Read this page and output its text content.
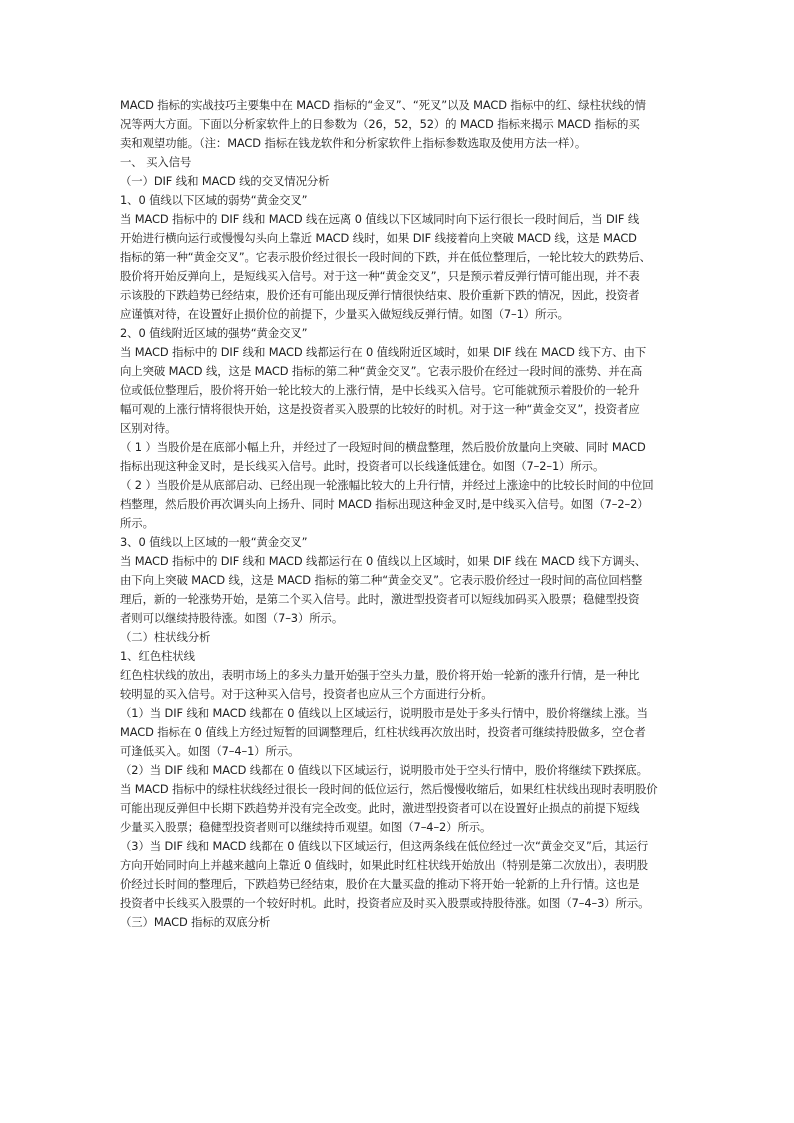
MACD 指标的实战技巧主要集中在 MACD 指标的“金叉”、“死叉”以及 MACD 指标中的红、绿柱状线的情
况等两大方面。下面以分析家软件上的日参数为（26，52，52）的 MACD 指标来揭示 MACD 指标的买
卖和观望功能。（注：MACD 指标在钱龙软件和分析家软件上指标参数选取及使用方法一样）。
一、 买入信号
（一）DIF 线和 MACD 线的交叉情况分析
1、0 值线以下区域的弱势“黄金交叉”
当 MACD 指标中的 DIF 线和 MACD 线在远离 0 值线以下区域同时向下运行很长一段时间后，当 DIF 线
开始进行横向运行或慢慢勾头向上靠近 MACD 线时，如果 DIF 线接着向上突破 MACD 线，这是 MACD
指标的第一种“黄金交叉”。它表示股价经过很长一段时间的下跌，并在低位整理后，一轮比较大的跌势后、
股价将开始反弹向上，是短线买入信号。对于这一种“黄金交叉”，只是预示着反弹行情可能出现，并不表
示该股的下跌趋势已经结束，股价还有可能出现反弹行情很快结束、股价重新下跌的情况，因此，投资者
应谨慎对待，在设置好止损价位的前提下，少量买入做短线反弹行情。如图（7–1）所示。
2、0 值线附近区域的强势“黄金交叉”
当 MACD 指标中的 DIF 线和 MACD 线都运行在 0 值线附近区域时，如果 DIF 线在 MACD 线下方、由下
向上突破 MACD 线，这是 MACD 指标的第二种“黄金交叉”。它表示股价在经过一段时间的涨势、并在高
位或低位整理后，股价将开始一轮比较大的上涨行情，是中长线买入信号。它可能就预示着股价的一轮升
幅可观的上涨行情将很快开始，这是投资者买入股票的比较好的时机。对于这一种“黄金交叉”，投资者应
区别对待。
（ 1 ）当股价是在底部小幅上升，并经过了一段短时间的横盘整理，然后股价放量向上突破、同时 MACD
指标出现这种金叉时，是长线买入信号。此时，投资者可以长线逢低建仓。如图（7–2–1）所示。
（ 2 ）当股价是从底部启动、已经出现一轮涨幅比较大的上升行情，并经过上涨途中的比较长时间的中位回
档整理，然后股价再次调头向上扬升、同时 MACD 指标出现这种金叉时,是中线买入信号。如图（7–2–2）
所示。
3、0 值线以上区域的一般“黄金交叉”
当 MACD 指标中的 DIF 线和 MACD 线都运行在 0 值线以上区域时，如果 DIF 线在 MACD 线下方调头、
由下向上突破 MACD 线，这是 MACD 指标的第二种“黄金交叉”。它表示股价经过一段时间的高位回档整
理后，新的一轮涨势开始，是第二个买入信号。此时，激进型投资者可以短线加码买入股票；稳健型投资
者则可以继续持股待涨。如图（7–3）所示。
（二）柱状线分析
1、红色柱状线
红色柱状线的放出，表明市场上的多头力量开始强于空头力量，股价将开始一轮新的涨升行情，是一种比
较明显的买入信号。对于这种买入信号，投资者也应从三个方面进行分析。
（1）当 DIF 线和 MACD 线都在 0 值线以上区域运行，说明股市是处于多头行情中，股价将继续上涨。当
MACD 指标在 0 值线上方经过短暂的回调整理后，红柱状线再次放出时，投资者可继续持股做多，空仓者
可逢低买入。如图（7–4–1）所示。
（2）当 DIF 线和 MACD 线都在 0 值线以下区域运行，说明股市处于空头行情中，股价将继续下跌探底。
当 MACD 指标中的绿柱状线经过很长一段时间的低位运行，然后慢慢收缩后，如果红柱状线出现时表明股价
可能出现反弹但中长期下跌趋势并没有完全改变。此时，激进型投资者可以在设置好止损点的前提下短线
少量买入股票；稳健型投资者则可以继续持币观望。如图（7–4–2）所示。
（3）当 DIF 线和 MACD 线都在 0 值线以下区域运行，但这两条线在低位经过一次“黄金交叉”后，其运行
方向开始同时向上并越来越向上靠近 0 值线时，如果此时红柱状线开始放出（特别是第二次放出），表明股
价经过长时间的整理后，下跌趋势已经结束，股价在大量买盘的推动下将开始一轮新的上升行情。这也是
投资者中长线买入股票的一个较好时机。此时，投资者应及时买入股票或持股待涨。如图（7–4–3）所示。
（三）MACD 指标的双底分析
